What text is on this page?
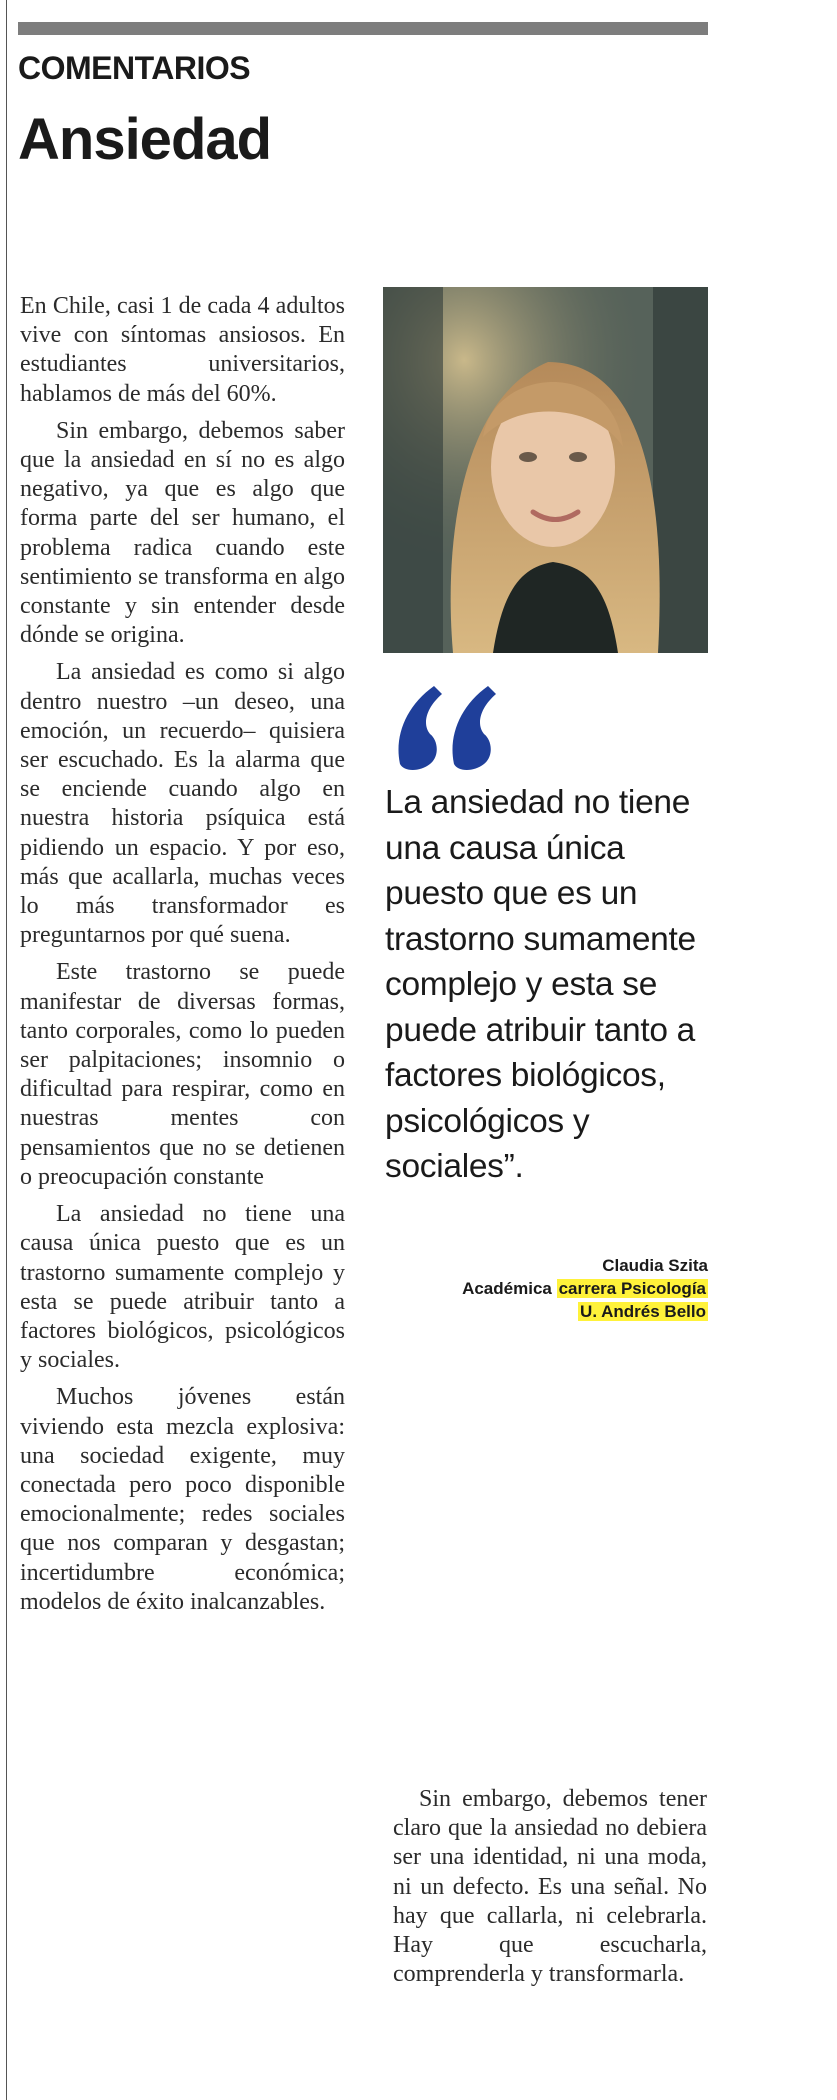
COMENTARIOS
Ansiedad

En Chile, casi 1 de cada 4 adultos vive con síntomas ansiosos. En estudiantes universitarios, hablamos de más del 60%.

Sin embargo, debemos saber que la ansiedad en sí no es algo negativo, ya que es algo que forma parte del ser humano, el problema radica cuando este sentimiento se transforma en algo constante y sin entender desde dónde se origina.

La ansiedad es como si algo dentro nuestro –un deseo, una emoción, un recuerdo– quisiera ser escuchado. Es la alarma que se enciende cuando algo en nuestra historia psíquica está pidiendo un espacio. Y por eso, más que acallarla, muchas veces lo más transformador es preguntarnos por qué suena.

Este trastorno se puede manifestar de diversas formas, tanto corporales, como lo pueden ser palpitaciones; insomnio o dificultad para respirar, como en nuestras mentes con pensamientos que no se detienen o preocupación constante

La ansiedad no tiene una causa única puesto que es un trastorno sumamente complejo y esta se puede atribuir tanto a factores biológicos, psicológicos y sociales.

Muchos jóvenes están viviendo esta mezcla explosiva: una sociedad exigente, muy conectada pero poco disponible emocionalmente; redes sociales que nos comparan y desgastan; incertidumbre económica; modelos de éxito inalcanzables.

La ansiedad no tiene una causa única puesto que es un trastorno sumamente complejo y esta se puede atribuir tanto a factores biológicos, psicológicos y sociales”.

Claudia Szita
Académica carrera Psicología
U. Andrés Bello

Sin embargo, debemos tener claro que la ansiedad no debiera ser una identidad, ni una moda, ni un defecto. Es una señal. No hay que callarla, ni celebrarla. Hay que escucharla, comprenderla y transformarla.
